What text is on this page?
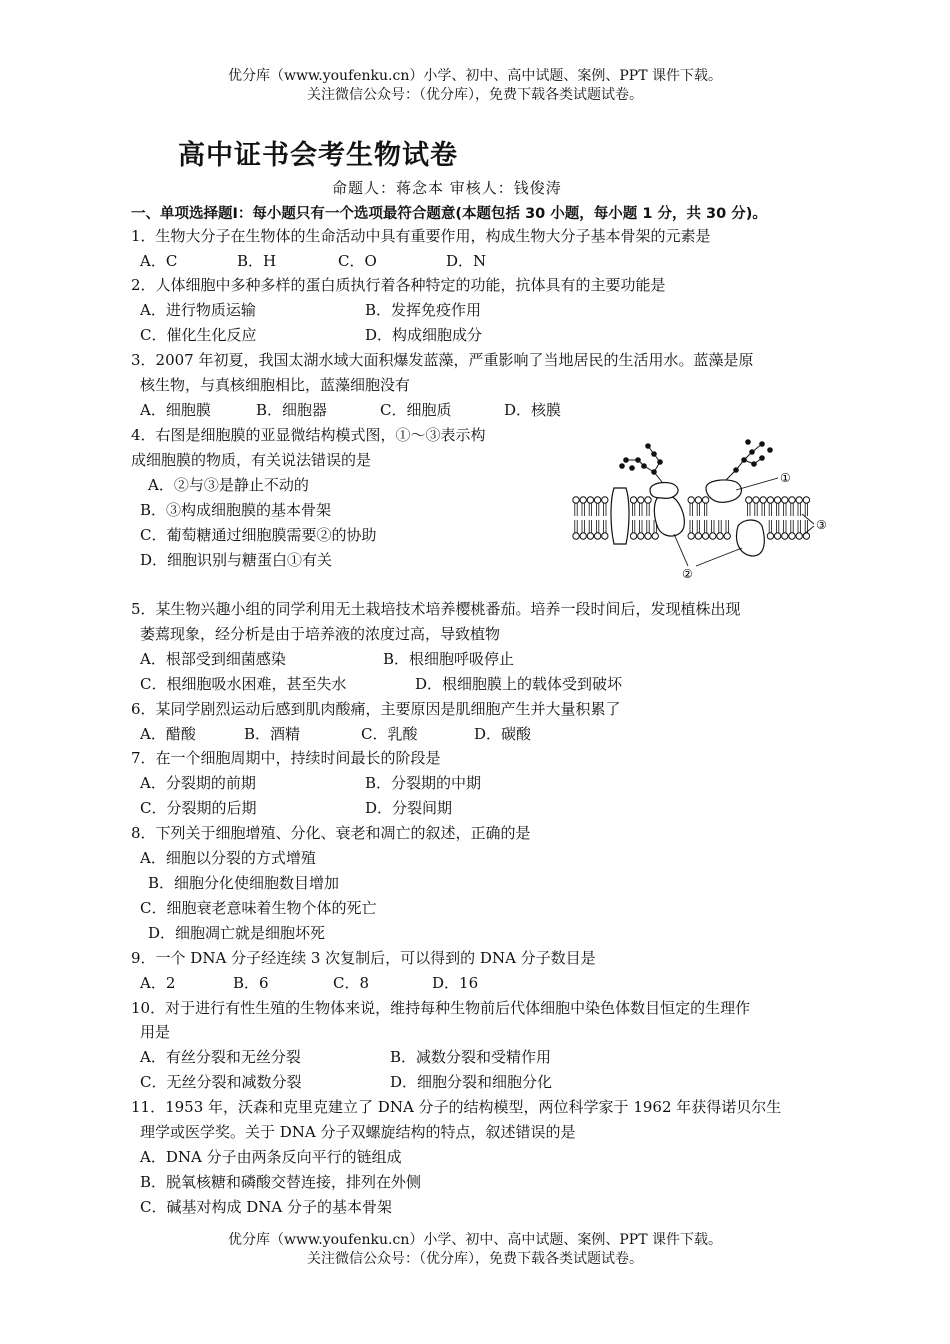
优分库（www.youfenku.cn）小学、初中、高中试题、案例、PPT 课件下载。
关注微信公众号：（优分库），免费下载各类试题试卷。
高中证书会考生物试卷
命题人：蒋念本 审核人：钱俊涛
一、单项选择题Ⅰ：每小题只有一个选项最符合题意(本题包括 30 小题，每小题 1 分，共 30 分)。
1．生物大分子在生物体的生命活动中具有重要作用，构成生物大分子基本骨架的元素是
A．C	B．H	C．O	D．N
2．人体细胞中多种多样的蛋白质执行着各种特定的功能，抗体具有的主要功能是
A．进行物质运输	B．发挥免疫作用
C．催化生化反应	D．构成细胞成分
3．2007 年初夏，我国太湖水域大面积爆发蓝藻，严重影响了当地居民的生活用水。蓝藻是原
核生物，与真核细胞相比，蓝藻细胞没有
A．细胞膜	B．细胞器	C．细胞质	D．核膜
4．右图是细胞膜的亚显微结构模式图，①～③表示构
成细胞膜的物质，有关说法错误的是
A．②与③是静止不动的
B．③构成细胞膜的基本骨架
C．葡萄糖通过细胞膜需要②的协助
D．细胞识别与糖蛋白①有关
①
③
②
5．某生物兴趣小组的同学利用无土栽培技术培养樱桃番茄。培养一段时间后，发现植株出现
萎蔫现象，经分析是由于培养液的浓度过高，导致植物
A．根部受到细菌感染	B．根细胞呼吸停止
C．根细胞吸水困难，甚至失水	D．根细胞膜上的载体受到破坏
6．某同学剧烈运动后感到肌肉酸痛，主要原因是肌细胞产生并大量积累了
A．醋酸	B．酒精	C．乳酸	D．碳酸
7．在一个细胞周期中，持续时间最长的阶段是
A．分裂期的前期	B．分裂期的中期
C．分裂期的后期	D．分裂间期
8．下列关于细胞增殖、分化、衰老和凋亡的叙述，正确的是
A．细胞以分裂的方式增殖
B．细胞分化使细胞数目增加
C．细胞衰老意味着生物个体的死亡
D．细胞凋亡就是细胞坏死
9．一个 DNA 分子经连续 3 次复制后，可以得到的 DNA 分子数目是
A．2	B．6	C．8	D．16
10．对于进行有性生殖的生物体来说，维持每种生物前后代体细胞中染色体数目恒定的生理作
用是
A．有丝分裂和无丝分裂	B．减数分裂和受精作用
C．无丝分裂和减数分裂	D．细胞分裂和细胞分化
11．1953 年，沃森和克里克建立了 DNA 分子的结构模型，两位科学家于 1962 年获得诺贝尔生
理学或医学奖。关于 DNA 分子双螺旋结构的特点，叙述错误的是
A．DNA 分子由两条反向平行的链组成
B．脱氧核糖和磷酸交替连接，排列在外侧
C．碱基对构成 DNA 分子的基本骨架
优分库（www.youfenku.cn）小学、初中、高中试题、案例、PPT 课件下载。
关注微信公众号：（优分库），免费下载各类试题试卷。
